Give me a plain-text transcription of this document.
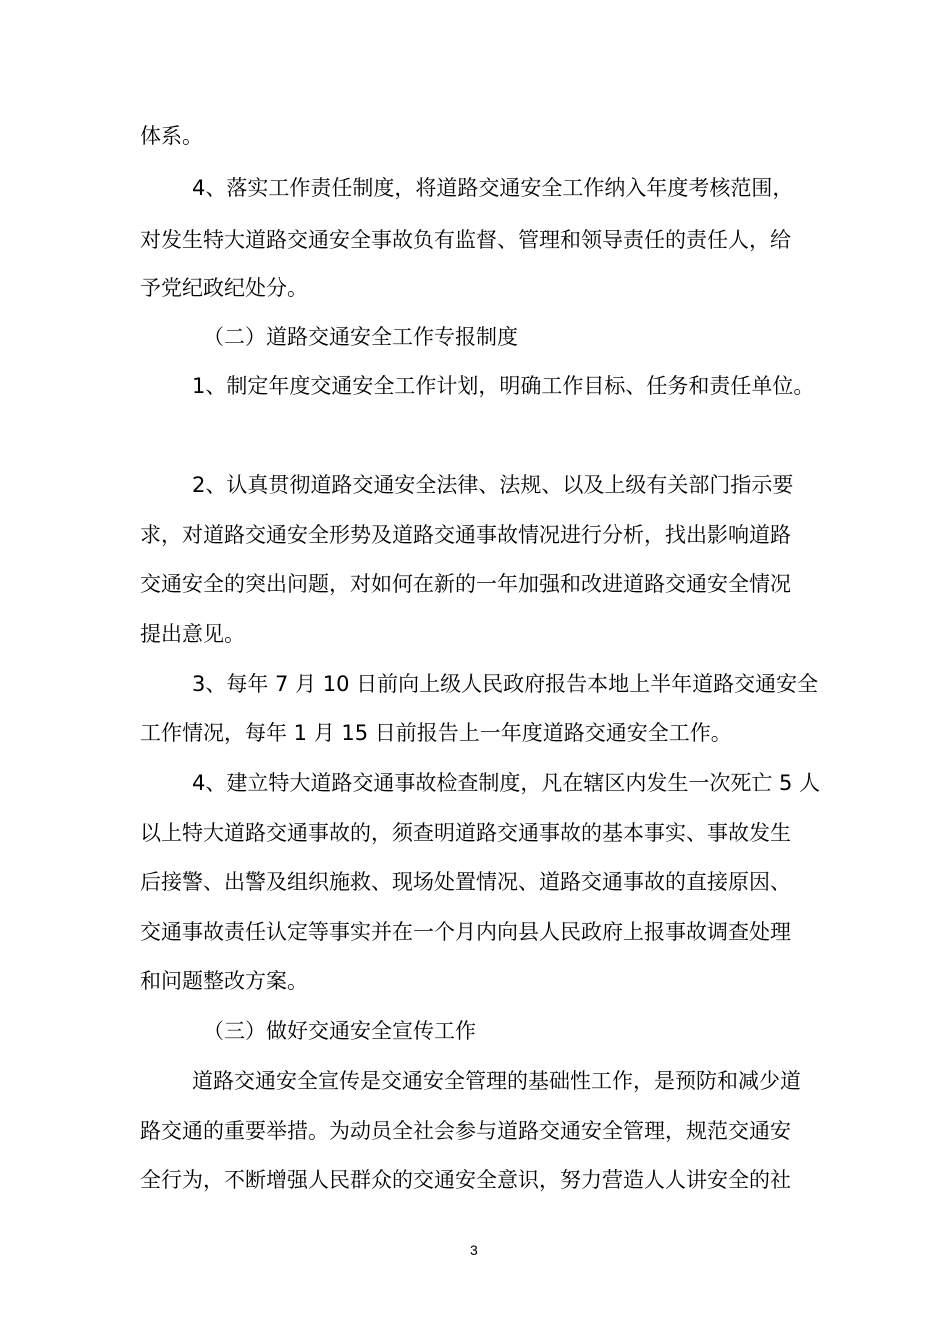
体系。
4、落实工作责任制度，将道路交通安全工作纳入年度考核范围，
对发生特大道路交通安全事故负有监督、管理和领导责任的责任人，给
予党纪政纪处分。
（二）道路交通安全工作专报制度
1、制定年度交通安全工作计划，明确工作目标、任务和责任单位。
2、认真贯彻道路交通安全法律、法规、以及上级有关部门指示要
求，对道路交通安全形势及道路交通事故情况进行分析，找出影响道路
交通安全的突出问题，对如何在新的一年加强和改进道路交通安全情况
提出意见。
3、每年 7 月 10 日前向上级人民政府报告本地上半年道路交通安全
工作情况，每年 1 月 15 日前报告上一年度道路交通安全工作。
4、建立特大道路交通事故检查制度，凡在辖区内发生一次死亡 5 人
以上特大道路交通事故的，须查明道路交通事故的基本事实、事故发生
后接警、出警及组织施救、现场处置情况、道路交通事故的直接原因、
交通事故责任认定等事实并在一个月内向县人民政府上报事故调查处理
和问题整改方案。
（三）做好交通安全宣传工作
道路交通安全宣传是交通安全管理的基础性工作，是预防和减少道
路交通的重要举措。为动员全社会参与道路交通安全管理，规范交通安
全行为，不断增强人民群众的交通安全意识，努力营造人人讲安全的社
3
